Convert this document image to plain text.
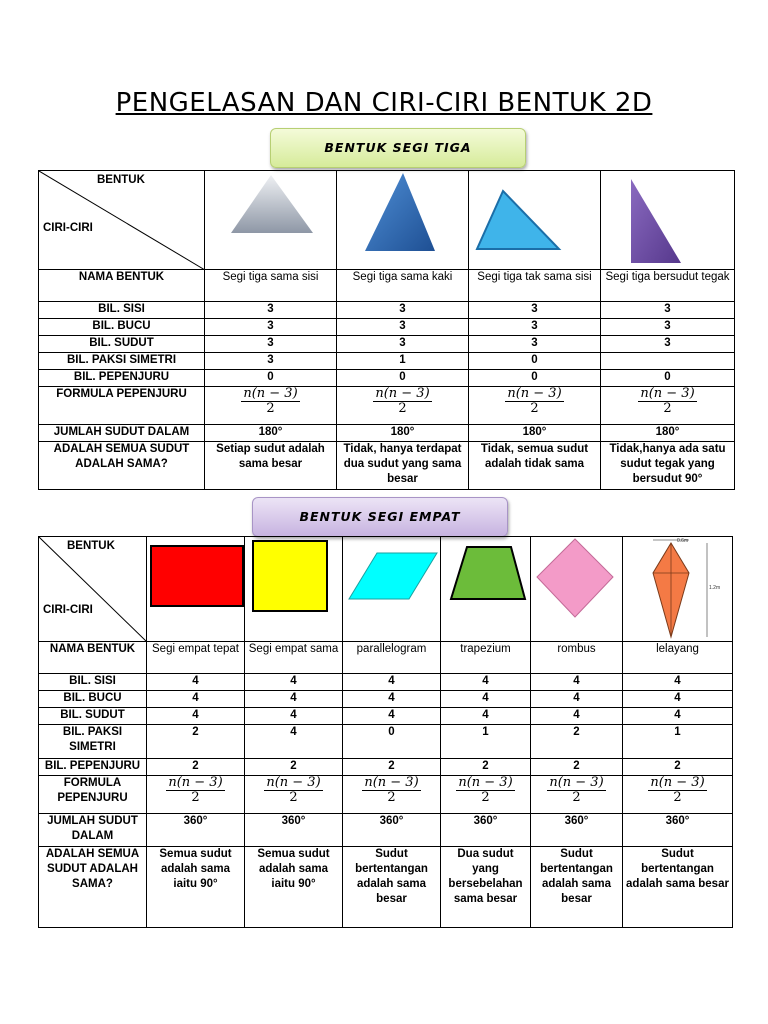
PENGELASAN DAN CIRI-CIRI BENTUK 2D
BENTUK SEGI TIGA
BENTUK
CIRI-CIRI

NAMA BENTUK	Segi tiga sama sisi	Segi tiga sama kaki	Segi tiga tak sama sisi	Segi tiga bersudut tegak
BIL. SISI	3	3	3	3
BIL. BUCU	3	3	3	3
BIL. SUDUT	3	3	3	3
BIL. PAKSI SIMETRI	3	1	0	
BIL. PEPENJURU	0	0	0	0
FORMULA PEPENJURU	$\frac{n(n - 3)}{2}$	$\frac{n(n - 3)}{2}$	$\frac{n(n - 3)}{2}$	$\frac{n(n - 3)}{2}$

JUMLAH SUDUT DALAM	180°	180°	180°	180°
ADALAH SEMUA SUDUT ADALAH SAMA?	Setiap sudut adalah sama besar	Tidak, hanya terdapat dua sudut yang sama besar	Tidak, semua sudut adalah tidak sama	Tidak,hanya ada satu sudut tegak yang bersudut 90°
BENTUK SEGI EMPAT
BENTUK
CIRI-CIRI						0.6m
1.2m

NAMA BENTUK	Segi empat tepat	Segi empat sama	parallelogram	trapezium	rombus	lelayang
BIL. SISI	4	4	4	4	4	4
BIL. BUCU	4	4	4	4	4	4
BIL. SUDUT	4	4	4	4	4	4
BIL. PAKSI SIMETRI	2	4	0	1	2	1
BIL. PEPENJURU	2	2	2	2	2	2
FORMULA PEPENJURU	$\frac{n(n - 3)}{2}$	$\frac{n(n - 3)}{2}$	$\frac{n(n - 3)}{2}$	$\frac{n(n - 3)}{2}$	$\frac{n(n - 3)}{2}$	$\frac{n(n - 3)}{2}$

JUMLAH SUDUT DALAM	360°	360°	360°	360°	360°	360°
ADALAH SEMUA SUDUT ADALAH SAMA?	Semua sudut adalah sama iaitu 90°	Semua sudut adalah sama iaitu 90°	Sudut bertentangan adalah sama besar	Dua sudut yang bersebelahan sama besar	Sudut bertentangan adalah sama besar	Sudut bertentangan adalah sama besar
